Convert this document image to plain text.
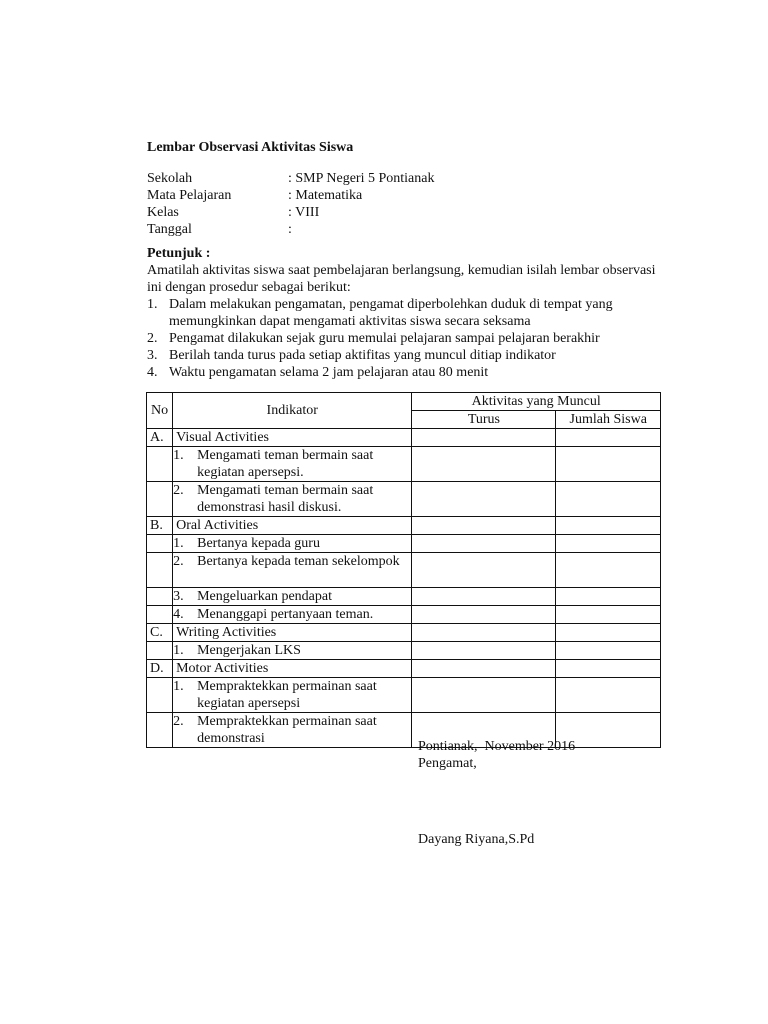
Lembar Observasi Aktivitas Siswa
Sekolah	: SMP Negeri 5 Pontianak
Mata Pelajaran	: Matematika
Kelas	: VIII
Tanggal	:
Petunjuk :
Amatilah aktivitas siswa saat pembelajaran berlangsung, kemudian isilah lembar observasi ini dengan prosedur sebagai berikut:
1. Dalam melakukan pengamatan, pengamat diperbolehkan duduk di tempat yang memungkinkan dapat mengamati aktivitas siswa secara seksama
2. Pengamat dilakukan sejak guru memulai pelajaran sampai pelajaran berakhir
3. Berilah tanda turus pada setiap aktifitas yang muncul ditiap indikator
4. Waktu pengamatan selama 2 jam pelajaran atau 80 menit
No	Indikator	Aktivitas yang Muncul	
		Turus	Jumlah Siswa
A.	Visual Activities		

	1. Mengamati teman bermain saat kegiatan apersepsi.		

	2. Mengamati teman bermain saat demonstrasi hasil diskusi.		

B.	Oral Activities		

	1. Bertanya kepada guru		

	2. Bertanya kepada teman sekelompok		

	3. Mengeluarkan pendapat		

	4. Menanggapi pertanyaan teman.		

C.	Writing Activities		

	1. Mengerjakan LKS		

D.	Motor Activities		

	1. Mempraktekkan permainan saat kegiatan apersepsi		

	2. Mempraktekkan permainan saat demonstrasi		

Pontianak,  November 2016
Pengamat,
Dayang Riyana,S.Pd
